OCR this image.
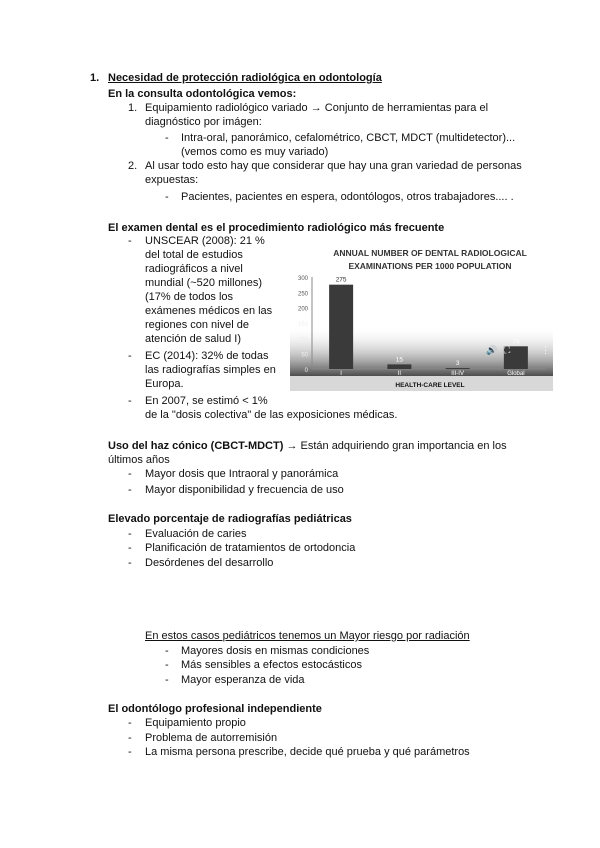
1. Necesidad de protección radiológica en odontología
En la consulta odontológica vemos:
1. Equipamiento radiológico variado → Conjunto de herramientas para el
diagnóstico por imágen:
- Intra-oral, panorámico, cefalométrico, CBCT, MDCT (multidetector)...
(vemos como es muy variado)
2. Al usar todo esto hay que considerar que hay una gran variedad de personas
expuestas:
- Pacientes, pacientes en espera, odontólogos, otros trabajadores.... .
El examen dental es el procedimiento radiológico más frecuente
ANNUAL NUMBER OF DENTAL RADIOLOGICAL
EXAMINATIONS PER 1000 POPULATION
0
50
100
150
200
250
300	275
I
15
II
3
III-IV
74
Global
HEALTH-CARE LEVEL
🔊 ⛶	⋮
Uso del haz cónico (CBCT-MDCT) → Están adquiriendo gran importancia en los
últimos años
Elevado porcentaje de radiografías pediátricas
En estos casos pediátricos tenemos un Mayor riesgo por radiación
El odontólogo profesional independiente
- UNSCEAR (2008): 21 %
del total de estudios
radiográficos a nivel
mundial (~520 millones)
(17% de todos los
exámenes médicos en las
regiones con nivel de
atención de salud I)
- EC (2014): 32% de todas
las radiografías simples en
Europa.
- En 2007, se estimó < 1%
de la "dosis colectiva" de las exposiciones médicas.
- Mayor dosis que Intraoral y panorámica
- Mayor disponibilidad y frecuencia de uso
- Evaluación de caries
- Planificación de tratamientos de ortodoncia
- Desórdenes del desarrollo
- Mayores dosis en mismas condiciones
- Más sensibles a efectos estocásticos
- Mayor esperanza de vida
- Equipamiento propio
- Problema de autorremisión
- La misma persona prescribe, decide qué prueba y qué parámetros
